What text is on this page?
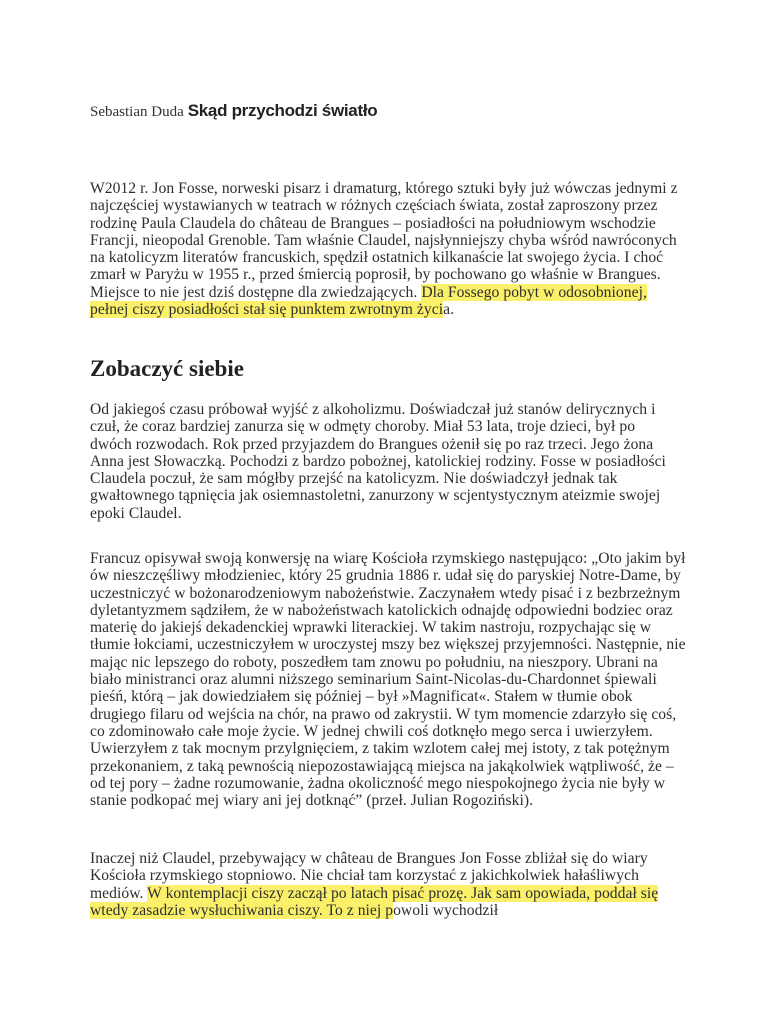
Sebastian Duda Skąd przychodzi światło

W2012 r. Jon Fosse, norweski pisarz i dramaturg, którego sztuki były już wówczas jednymi z najczęściej wystawianych w teatrach w różnych częściach świata, został zaproszony przez rodzinę Paula Claudela do château de Brangues – posiadłości na południowym wschodzie Francji, nieopodal Grenoble. Tam właśnie Claudel, najsłynniejszy chyba wśród nawróconych na katolicyzm literatów francuskich, spędził ostatnich kilkanaście lat swojego życia. I choć zmarł w Paryżu w 1955 r., przed śmiercią poprosił, by pochowano go właśnie w Brangues. Miejsce to nie jest dziś dostępne dla zwiedzających. Dla Fossego pobyt w odosobnionej, pełnej ciszy posiadłości stał się punktem zwrotnym życia.

Zobaczyć siebie

Od jakiegoś czasu próbował wyjść z alkoholizmu. Doświadczał już stanów delirycznych i czuł, że coraz bardziej zanurza się w odmęty choroby. Miał 53 lata, troje dzieci, był po dwóch rozwodach. Rok przed przyjazdem do Brangues ożenił się po raz trzeci. Jego żona Anna jest Słowaczką. Pochodzi z bardzo pobożnej, katolickiej rodziny. Fosse w posiadłości Claudela poczuł, że sam mógłby przejść na katolicyzm. Nie doświadczył jednak tak gwałtownego tąpnięcia jak osiemnastoletni, zanurzony w scjentystycznym ateizmie swojej epoki Claudel.

Francuz opisywał swoją konwersję na wiarę Kościoła rzymskiego następująco: „Oto jakim był ów nieszczęśliwy młodzieniec, który 25 grudnia 1886 r. udał się do paryskiej Notre-Dame, by uczestniczyć w bożonarodzeniowym nabożeństwie. Zaczynałem wtedy pisać i z bezbrzeżnym dyletantyzmem sądziłem, że w nabożeństwach katolickich odnajdę odpowiedni bodziec oraz materię do jakiejś dekadenckiej wprawki literackiej. W takim nastroju, rozpychając się w tłumie łokciami, uczestniczyłem w uroczystej mszy bez większej przyjemności. Następnie, nie mając nic lepszego do roboty, poszedłem tam znowu po południu, na nieszpory. Ubrani na biało ministranci oraz alumni niższego seminarium Saint-Nicolas-du-Chardonnet śpiewali pieśń, którą – jak dowiedziałem się później – był »Magnificat«. Stałem w tłumie obok drugiego filaru od wejścia na chór, na prawo od zakrystii. W tym momencie zdarzyło się coś, co zdominowało całe moje życie. W jednej chwili coś dotknęło mego serca i uwierzyłem. Uwierzyłem z tak mocnym przylgnięciem, z takim wzlotem całej mej istoty, z tak potężnym przekonaniem, z taką pewnością niepozostawiającą miejsca na jakąkolwiek wątpliwość, że – od tej pory – żadne rozumowanie, żadna okoliczność mego niespokojnego życia nie były w stanie podkopać mej wiary ani jej dotknąć” (przeł. Julian Rogoziński).

Inaczej niż Claudel, przebywający w château de Brangues Jon Fosse zbliżał się do wiary Kościoła rzymskiego stopniowo. Nie chciał tam korzystać z jakichkolwiek hałaśliwych mediów. W kontemplacji ciszy zaczął po latach pisać prozę. Jak sam opowiada, poddał się wtedy zasadzie wysłuchiwania ciszy. To z niej powoli wychodził
